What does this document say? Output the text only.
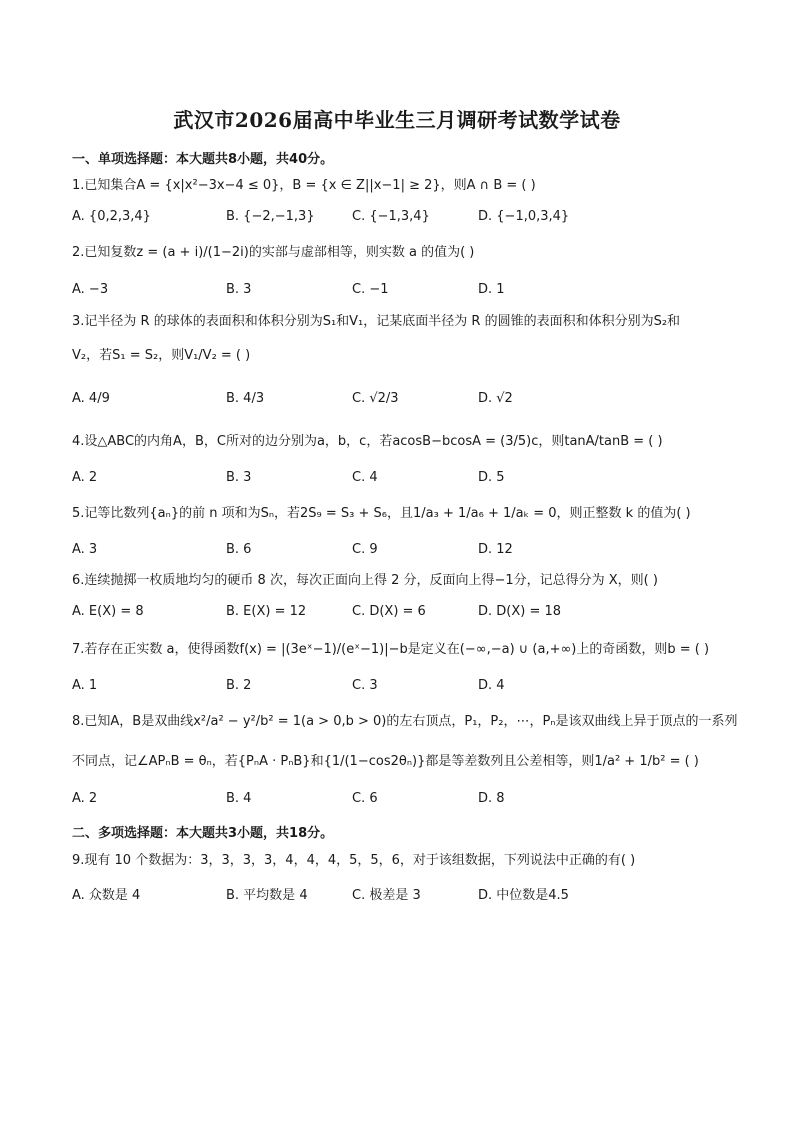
武汉市2026届高中毕业生三月调研考试数学试卷
一、单项选择题：本大题共8小题，共40分。
1.已知集合A = {x|x²−3x−4 ≤ 0}，B = {x ∈ Z||x−1| ≥ 2}，则A ∩ B = ( )
A. {0,2,3,4}	B. {−2,−1,3}	C. {−1,3,4}	D. {−1,0,3,4}
2.已知复数z = (a + i)/(1−2i)的实部与虚部相等，则实数 a 的值为( )
A. −3	B. 3	C. −1	D. 1
3.记半径为 R 的球体的表面积和体积分别为S₁和V₁，记某底面半径为 R 的圆锥的表面积和体积分别为S₂和
V₂，若S₁ = S₂，则V₁/V₂ = ( )
A. 4/9	B. 4/3	C. √2/3	D. √2
4.设△ABC的内角A，B，C所对的边分别为a，b，c，若acosB−bcosA = (3/5)c，则tanA/tanB = ( )
A. 2	B. 3	C. 4	D. 5
5.记等比数列{aₙ}的前 n 项和为Sₙ，若2S₉ = S₃ + S₆，且1/a₃ + 1/a₆ + 1/aₖ = 0，则正整数 k 的值为( )
A. 3	B. 6	C. 9	D. 12
6.连续抛掷一枚质地均匀的硬币 8 次，每次正面向上得 2 分，反面向上得−1分，记总得分为 X，则( )
A. E(X) = 8	B. E(X) = 12	C. D(X) = 6	D. D(X) = 18
7.若存在正实数 a，使得函数f(x) = |(3eˣ−1)/(eˣ−1)|−b是定义在(−∞,−a) ∪ (a,+∞)上的奇函数，则b = ( )
A. 1	B. 2	C. 3	D. 4
8.已知A，B是双曲线x²/a² − y²/b² = 1(a > 0,b > 0)的左右顶点，P₁，P₂，⋯，Pₙ是该双曲线上异于顶点的一系列
不同点，记∠APₙB = θₙ，若{PₙA · PₙB}和{1/(1−cos2θₙ)}都是等差数列且公差相等，则1/a² + 1/b² = ( )
A. 2	B. 4	C. 6	D. 8
二、多项选择题：本大题共3小题，共18分。
9.现有 10 个数据为：3，3，3，3，4，4，4，5，5，6，对于该组数据，下列说法中正确的有( )
A. 众数是 4	B. 平均数是 4	C. 极差是 3	D. 中位数是4.5
